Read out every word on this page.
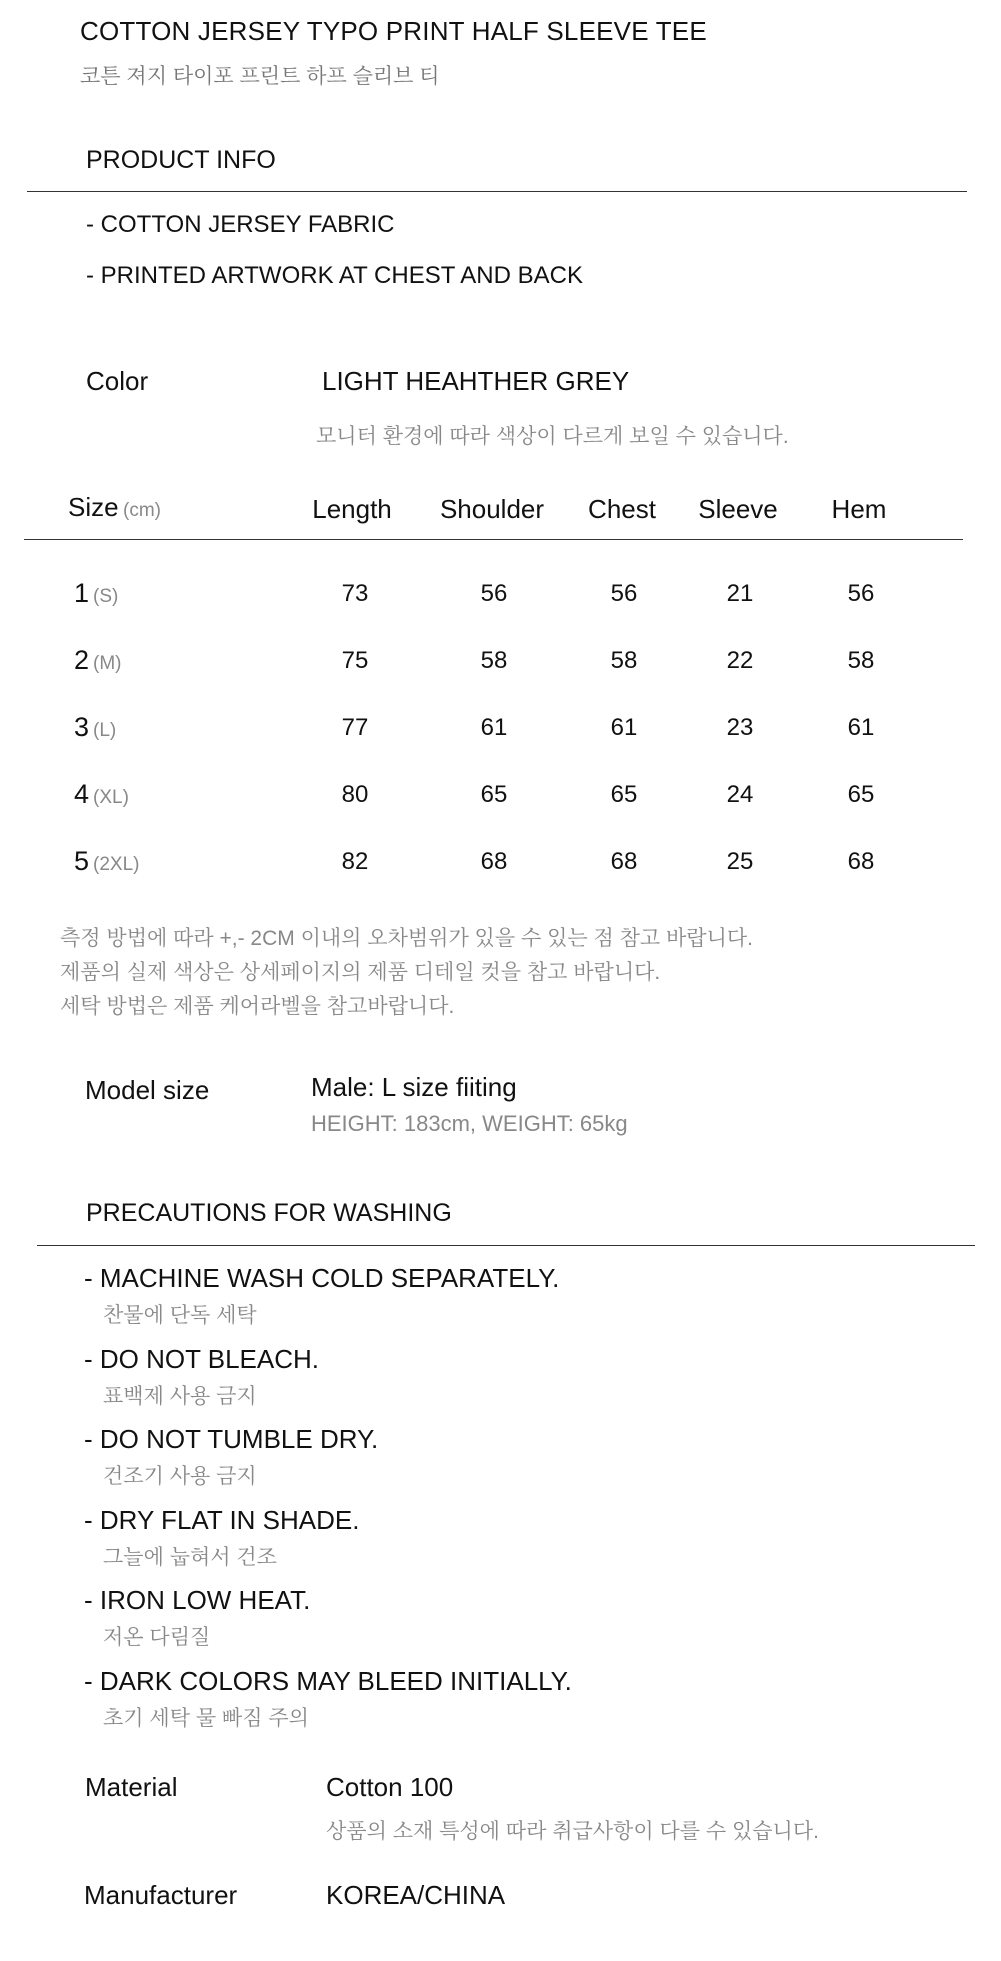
COTTON JERSEY TYPO PRINT HALF SLEEVE TEE
코튼 져지 타이포 프린트 하프 슬리브 티
PRODUCT INFO
- COTTON JERSEY FABRIC
- PRINTED ARTWORK AT CHEST AND BACK
Color	LIGHT HEAHTHER GREY
모니터 환경에 따라 색상이 다르게 보일 수 있습니다.
Size (cm)	Length Shoulder Chest Sleeve Hem
1 (S)	73	56	56	21	56
2 (M)	75	58	58	22	58
3 (L)	77	61	61	23	61
4 (XL)	80	65	65	24	65
5 (2XL)	82	68	68	25	68
측정 방법에 따라 +,- 2CM 이내의 오차범위가 있을 수 있는 점 참고 바랍니다.
제품의 실제 색상은 상세페이지의 제품 디테일 컷을 참고 바랍니다.
세탁 방법은 제품 케어라벨을 참고바랍니다.
Model size	Male: L size fiiting
HEIGHT: 183cm, WEIGHT: 65kg
PRECAUTIONS FOR WASHING
- MACHINE WASH COLD SEPARATELY.
찬물에 단독 세탁
- DO NOT BLEACH.
표백제 사용 금지
- DO NOT TUMBLE DRY.
건조기 사용 금지
- DRY FLAT IN SHADE.
그늘에 눕혀서 건조
- IRON LOW HEAT.
저온 다림질
- DARK COLORS MAY BLEED INITIALLY.
초기 세탁 물 빠짐 주의
Material	Cotton 100
상품의 소재 특성에 따라 취급사항이 다를 수 있습니다.
Manufacturer	KOREA/CHINA
